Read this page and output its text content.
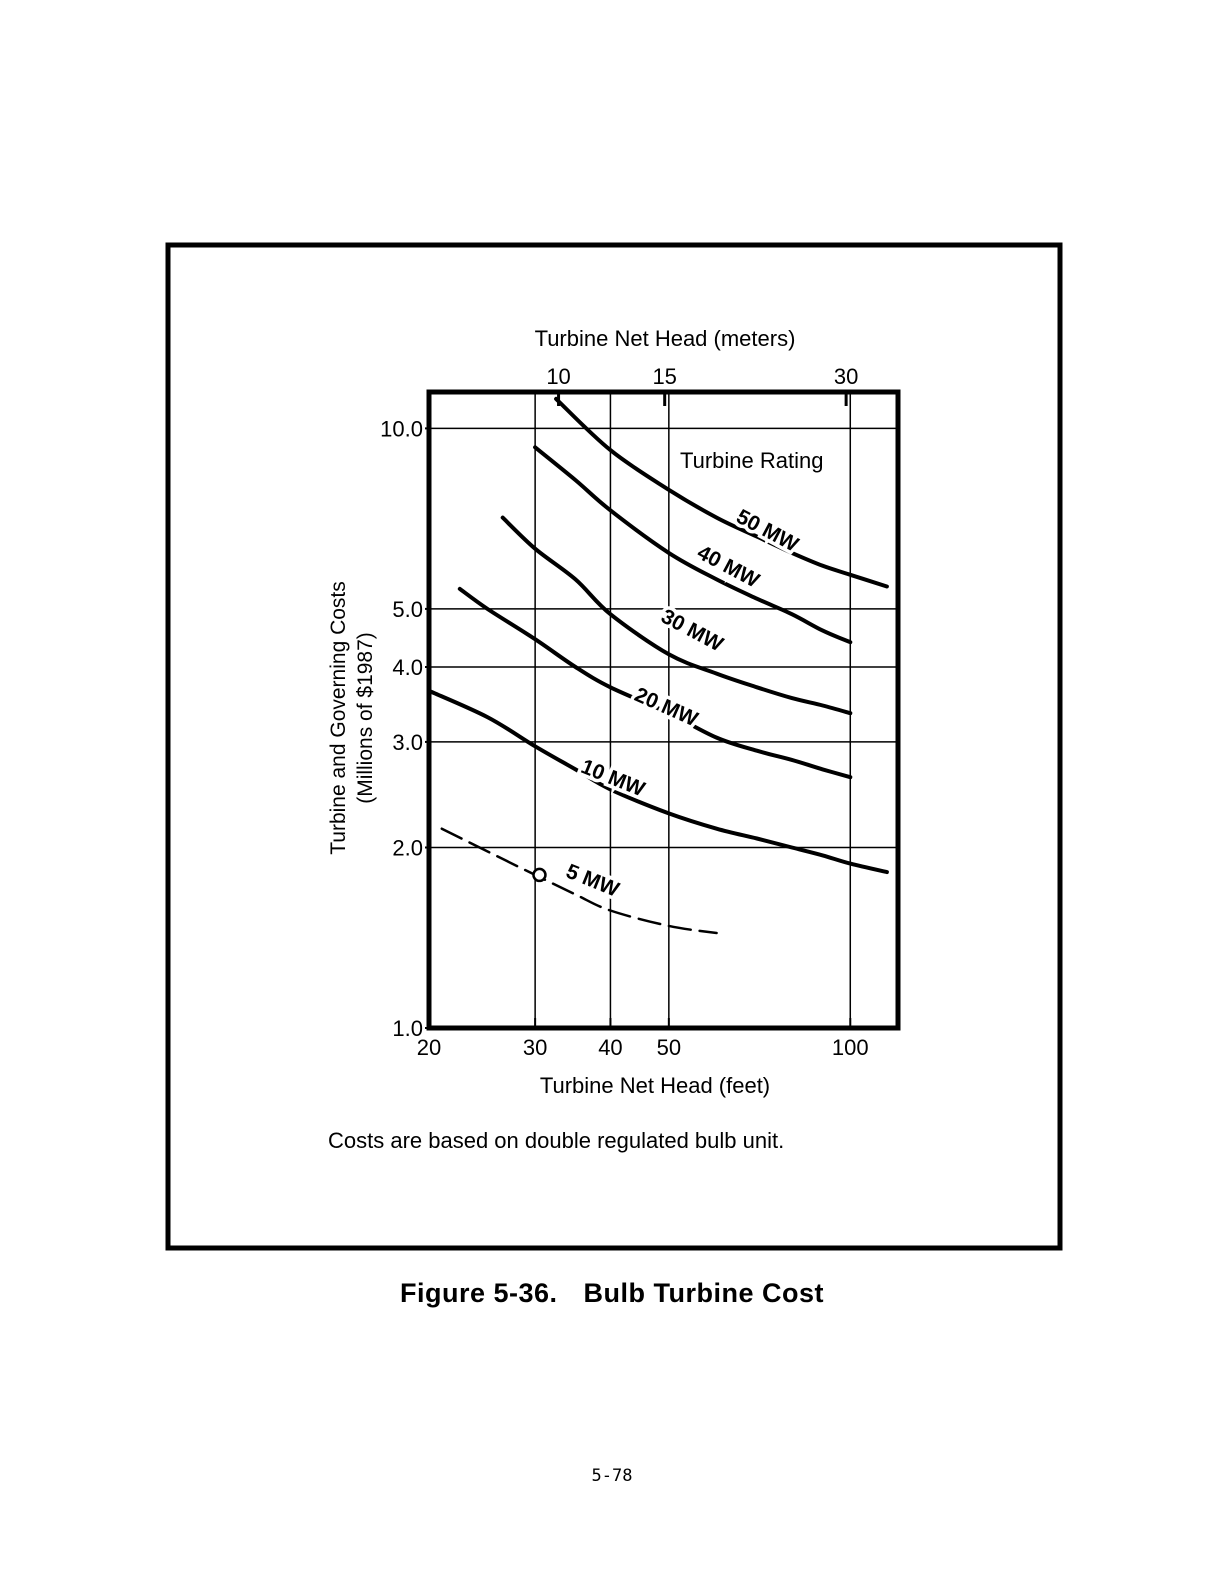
50 MW
40 MW
30 MW
20 MW
10 MW
5 MW
20	30 40 50	100
10	15	30
1.0
2.0
3.0
4.0
5.0
10.0
Turbine Net Head (meters)
Turbine Net Head (feet)
Turbine and Governing Costs (Millions of $1987)
Turbine Rating
Costs are based on double regulated bulb unit.
Figure 5-36. Bulb Turbine Cost
5-78
